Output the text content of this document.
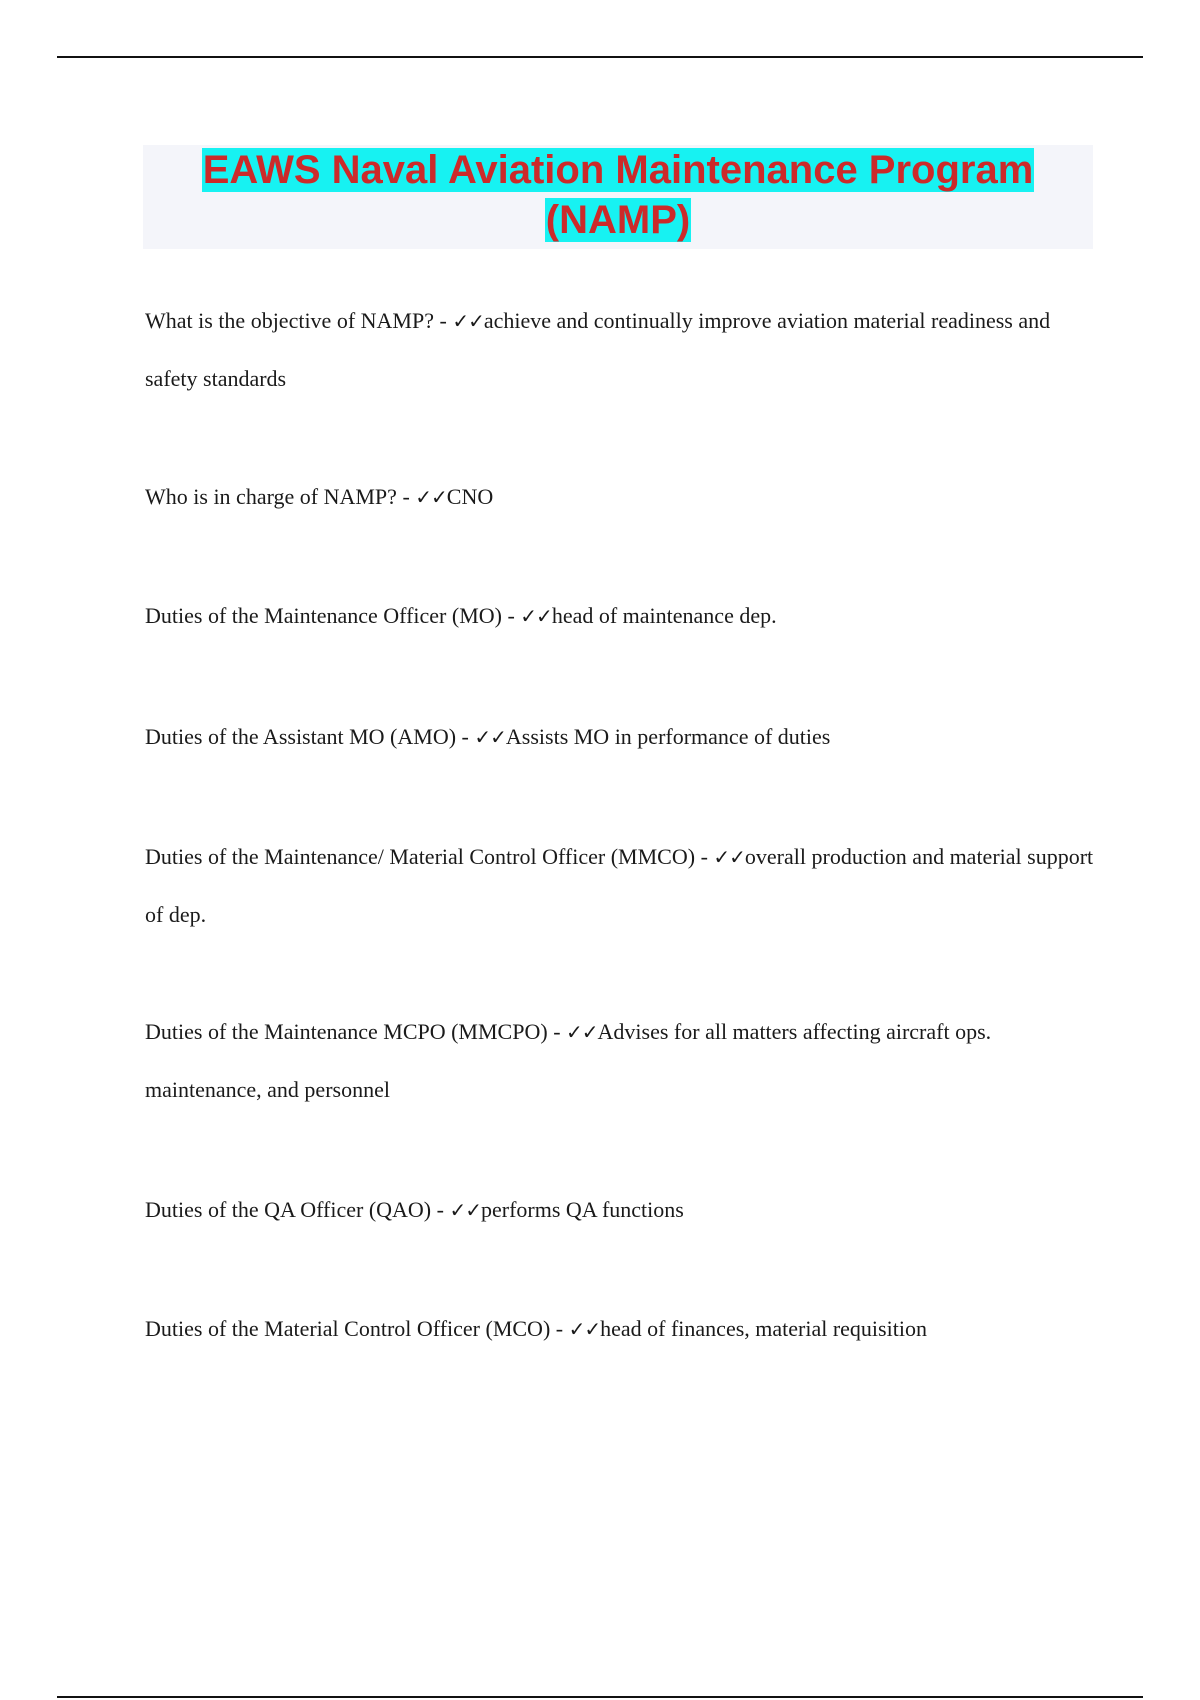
EAWS Naval Aviation Maintenance Program
(NAMP)

What is the objective of NAMP? - ✓✓achieve and continually improve aviation material readiness and safety standards

Who is in charge of NAMP? - ✓✓CNO

Duties of the Maintenance Officer (MO) - ✓✓head of maintenance dep.

Duties of the Assistant MO (AMO) - ✓✓Assists MO in performance of duties

Duties of the Maintenance/ Material Control Officer (MMCO) - ✓✓overall production and material support of dep.

Duties of the Maintenance MCPO (MMCPO) - ✓✓Advises for all matters affecting aircraft ops. maintenance, and personnel

Duties of the QA Officer (QAO) - ✓✓performs QA functions

Duties of the Material Control Officer (MCO) - ✓✓head of finances, material requisition
